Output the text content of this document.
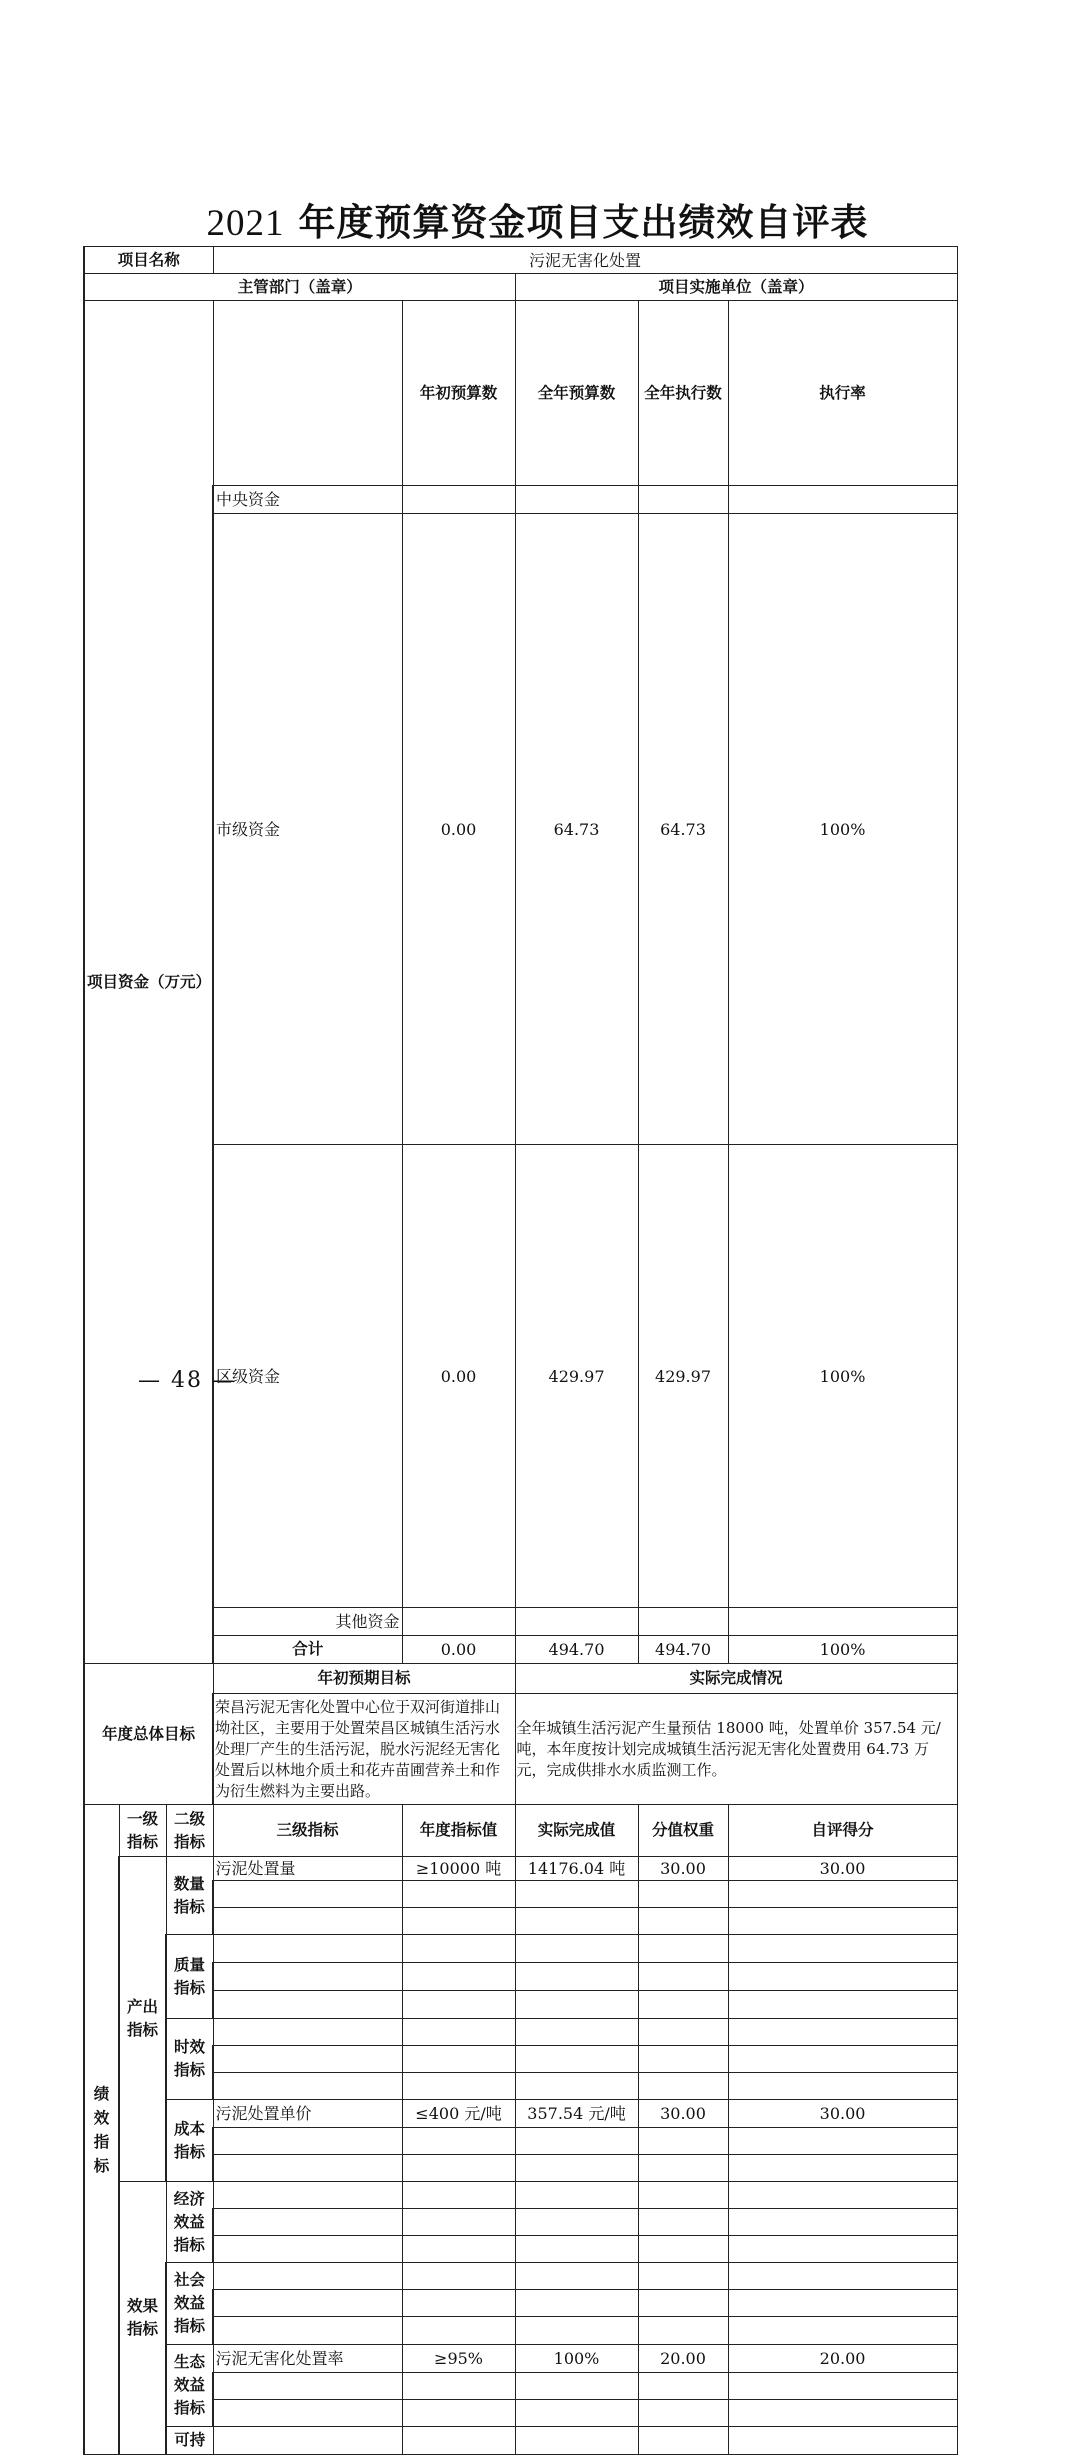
2021 年度预算资金项目支出绩效自评表
项目名称			污泥无害化处置					
主管部门（盖章）					项目实施单位（盖章）			
项目资金（万元）				年初预算数	全年预算数	全年执行数	执行率	
			中央资金					
			市级资金	0.00	64.73	64.73	100%	
			区级资金	0.00	429.97	429.97	100%	
			其他资金					
			合计	0.00	494.70	494.70	100%	
年度总体目标			年初预期目标		实际完成情况			
			荣昌污泥无害化处置中心位于双河街道排山坳社区，主要用于处置荣昌区城镇生活污水处理厂产生的生活污泥，脱水污泥经无害化处置后以林地介质土和花卉苗圃营养土和作为衍生燃料为主要出路。		全年城镇生活污泥产生量预估 18000 吨，处置单价 357.54 元/吨，本年度按计划完成城镇生活污泥无害化处置费用 64.73 万元，完成供排水水质监测工作。			
绩效指标	一级指标	二级指标	三级指标	年度指标值	实际完成值	分值权重	自评得分	
	产出指标	数量指标	污泥处置量	≥10000 吨	14176.04 吨	30.00	30.00	

		质量指标						

		时效指标						

		成本指标	污泥处置单价	≤400 元/吨	357.54 元/吨	30.00	30.00	

	效果指标	经济效益指标						

		社会效益指标						

		生态效益指标	污泥无害化处置率	≥95%	100%	20.00	20.00	

		可持						
— 48 —
